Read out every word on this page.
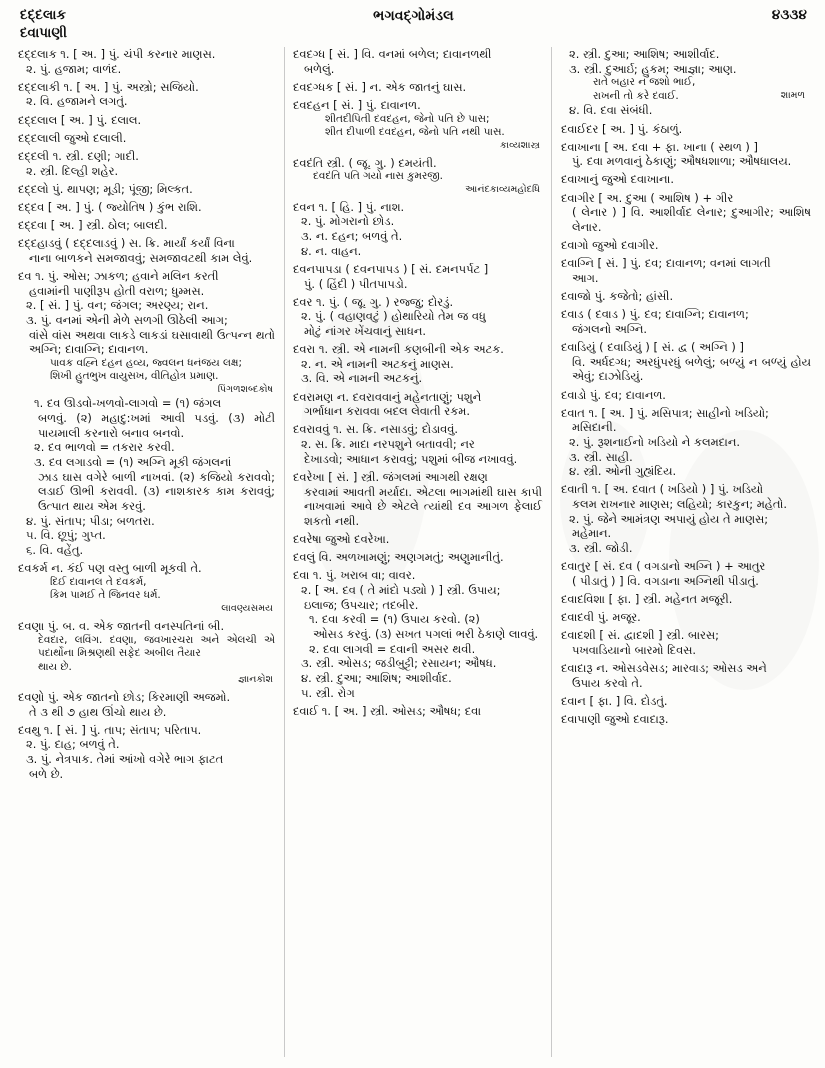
દદ્દલાક	ભગવદ્ગોમંડલ	૪૩૩૪
દવાપાણી
દદ્દલાક ૧. [ અ. ] પું. ચંપી કરનાર માણસ.
૨. પું. હજામ; વાળંદ.
દદ્દલાકી ૧. [ અ. ] પું. અસ્ત્રો; સજિયો.
૨. વિ. હજામને લગતું.
દદ્દલાલ [ અ. ] પું. દલાલ.
દદ્દલાલી જુઓ દલાલી.
દદ્દલી ૧. સ્ત્રી. દણી; ગાદી.
૨. સ્ત્રી. દિલ્હી શહેર.
દદ્દલો પું. થાપણ; મૂડી; પૂંજી; મિલ્કત.
દદ્દવ [ અ. ] પું. ( જ્યોતિષ ) કુંભ રાશિ.
દદ્દવા [ અ. ] સ્ત્રી. ઠોલ; બાલદી.
દદ્દહાડવું ( દદ્દલાડવું ) સ. ક્રિ. માર્યાં કર્યાં વિના
નાના બાળકને સમજાવવું; સમજાવટથી કામ લેવું.
દવ ૧. પું. ઓસ; ઝાકળ; હવાને મલિન કરતી
હવામાંની પાણીરૂપ હોતી વરાળ; ધુમ્મસ.
૨. [ સં. ] પું. વન; જંગલ; અરણ્ય; રાન.
૩. પું. વનમાં એની મેળે સળગી ઊઠેલી આગ;
વાંસે વાંસ અથવા લાકડે લાકડાં ઘસાવાથી ઉત્પન્ન થતો અગ્નિ; દાવાગ્નિ; દાવાનળ.
પાવક વહ્નિ દહન હવ્ય, જ્વલન ધનંજય લક્ષ;
શિખી હુતભુખ વાયુસખ, વીતિહોત્ર પ્રમાણ.
પિંગળશબ્દકોષ
૧. દવ ઊડવો-ખળવો-લાગવો = (૧) જંગલ
બળવું. (૨) મહાદુ:ખમાં આવી પડવું. (૩) મોટી પાયમાલી કરનારો બનાવ બનવો.
૨. દવ ભાળવો = તકરાર કરવી.
૩. દવ લગાડવો = (૧) અગ્નિ મૂકી જંગલનાં
ઝાડ ઘાસ વગેરે બાળી નાખવાં. (૨) કજિયો કરાવવો; લડાઈ ઊભી કરાવવી. (૩) નાશકારક કામ કરાવવું; ઉત્પાત થાય એમ કરવું.
૪. પું. સંતાપ; પીડા; બળતરા.
૫. વિ. છૂપું; ગુપ્ત.
૬. વિ. વહેંતુ.
દવકર્મ ન. કંઈ પણ વસ્તુ બાળી મૂકવી તે.
દિઈ દાવાનલ તે દવકર્મ,
કિમ પામઈ તે જિનવર ધર્મ.
લાવણ્યસમય
દવણા પું. બ. વ. એક જાતની વનસ્પતિનાં બી.
દેવદાર, લવિંગ. દવણા, જવખારચરા અને એલચી એ પદાર્થોના મિશ્રણથી સફેદ અબીલ તૈયાર
થાય છે.
જ્ઞાનકોશ
દવણો પું. એક જાતનો છોડ; કિરમાણી અજમો.
તે ૩ થી ૭ હાથ ઊંચો થાય છે.
દવથુ ૧. [ સં. ] પું. તાપ; સંતાપ; પરિતાપ.
૨. પું. દાહ; બળવું તે.
૩. પું. નેત્રપાક. તેમાં આંખો વગેરે ભાગ ફાટત
બળે છે.
દવદગ્ધ [ સં. ] વિ. વનમાં બળેલ; દાવાનળથી
બળેલું.
દવદગ્ધક [ સં. ] ન. એક જાતનું ઘાસ.
દવદહન [ સં. ] પું. દાવાનળ.
શીતદીપિતી દવદહન, જેનો પતિ છે પાસ;
શીત દીપાળી દવદહન, જેનો પતિ નથી પાસ.
કાવ્યશાસ્ત્ર
દવદંતિ સ્ત્રી. ( જૂ. ગુ. ) દમયંતી.
દવદંતિ પતિ ગયો નાસ કુમરજી.
આનંદકાવ્યમહોદધિ
દવન ૧. [ હિ. ] પું. નાશ.
૨. પું. મોગરાનો છોડ.
૩. ન. દહન; બળવું તે.
૪. ન. વાહન.
દવનપાપડા ( દવનપાપડ ) [ સં. દમનપર્પટ ]
પું. ( હિંદી ) પીતપાપડો.
દવર ૧. પું. ( જૂ. ગુ. ) રજ્જુ; દોરડું.
૨. પું. ( વહાણવટું ) હોથારિયો તેમ જ વધુ
મોટું નાંગર ખેંચવાનું સાધન.
દવરા ૧. સ્ત્રી. એ નામની કણબીની એક અટક.
૨. ન. એ નામની અટકનું માણસ.
૩. વિ. એ નામની અટકનું.
દવરામણ ન. દવરાવવાનું મહેનતાણું; પશુને
ગર્ભાધાન કરાવવા બદલ લેવાતી રકમ.
દવરાવવું ૧. સ. ક્રિ. નસાડવું; દોડાવવું.
૨. સ. ક્રિ. માદા નરપશુને બતાવવી; નર
દેખાડવો; આધાન કરાવવું; પશુમાં બીજ નખાવવું.
દવરેખા [ સં. ] સ્ત્રી. જંગલમાં આગથી રક્ષણ
કરવામાં આવતી મર્યાદા. એટલા ભાગમાંથી ઘાસ કાપી નાખવામાં આવે છે એટલે ત્યાંથી દવ આગળ ફેલાઈ શકતો નથી.
દવરેષા જુઓ દવરેખા.
દવલું વિ. અળખામણું; અણગમતું; અણુમાનીતું.
દવા ૧. પું. ખરાબ વા; વાવર.
૨. [ અ. દવ ( તે માંદો પડ્યો ) ] સ્ત્રી. ઉપાય;
ઇલાજ; ઉપચાર; તદબીર.
૧. દવા કરવી = (૧) ઉપાય કરવો. (૨)
ઓસડ કરવું. (૩) સખત પગલાં ભરી ઠેકાણે લાવવું.
૨. દવા લાગવી = દવાની અસર થવી.
૩. સ્ત્રી. ઓસડ; જડીબુટ્ટી; રસાયન; ઔષધ.
૪. સ્ત્રી. દુઆ; આશિષ; આશીર્વાદ.
૫. સ્ત્રી. રોગ
દવાઈ ૧. [ અ. ] સ્ત્રી. ઓસડ; ઔષધ; દવા
૨. સ્ત્રી. દુઆ; આશિષ; આશીર્વાદ.
૩. સ્ત્રી. દુઆર્ઇ; હુકમ; આજ્ઞા; આણ.
રાતે બહાર ન જશો ભાઈ,
રાખની તો કરે દવાઈ.	શામળ
૪. વિ. દવા સંબંધી.
દવાઈદર [ અ. ] પું. કંઠાળું.
દવાખાના [ અ. દવા + ફા. ખાના ( સ્થળ ) ]
પું. દવા મળવાનું ઠેકાણું; ઔષધશાળા; ઔષધાલય.
દવાખાનું જુઓ દવાખાના.
દવાગીર [ અ. દુઆ ( આશિષ ) + ગીર
( લેનાર ) ] વિ. આશીર્વાદ લેનાર; દુઆગીર; આશિષ લેનાર.
દવાગો જુઓ દવાગીર.
દવાગ્નિ [ સં. ] પું. દવ; દાવાનળ; વનમાં લાગતી
આગ.
દવાજો પું. કજેતો; હાંસી.
દવાડ ( દવાડ ) પું. દવ; દાવાગ્નિ; દાવાનળ;
જંગલનો અગ્નિ.
દવાડિયું ( દવાડિયું ) [ સં. દ્વ ( અગ્નિ ) ]
વિ. અર્ધદગ્ધ; અરધુંપરધું બળેલું; બળ્યું ન બળ્યું હોય એવું; દાઝોડિયું.
દવાડો પું. દવ; દાવાનળ.
દવાત ૧. [ અ. ] પું. મસિપાત્ર; સાહીનો ખડિયો;
મસિદાની.
૨. પું. રૂશનાઈનો ખડિયો ને કલમદાન.
૩. સ્ત્રી. સાહી.
૪. સ્ત્રી. ઓની ગુહ્યંદિય.
દવાતી ૧. [ અ. દવાત ( ખડિયો ) ] પું. ખડિયો
કલમ રાખનાર માણસ; લહિયો; કારકુન; મહેતો.
૨. પું. જેને આમંત્રણ અપાયું હોય તે માણસ;
મહેમાન.
૩. સ્ત્રી. જોડી.
દવાતુર [ સં. દવ ( વગડાનો અગ્નિ ) + આતુર
( પીડાતું ) ] વિ. વગડાના અગ્નિથી પીડાતું.
દવાદવિશા [ ફા. ] સ્ત્રી. મહેનત મજૂરી.
દવાદવી પું. મજૂર.
દવાદશી [ સં. દ્વાદશી ] સ્ત્રી. બારસ;
પખવાડિયાનો બારમો દિવસ.
દવાદારૂ ન. ઓસડવેસડ; મારવાડ; ઓસડ અને
ઉપાય કરવો તે.
દવાન [ ફા. ] વિ. દોડતું.
દવાપાણી જુઓ દવાદારૂ.
